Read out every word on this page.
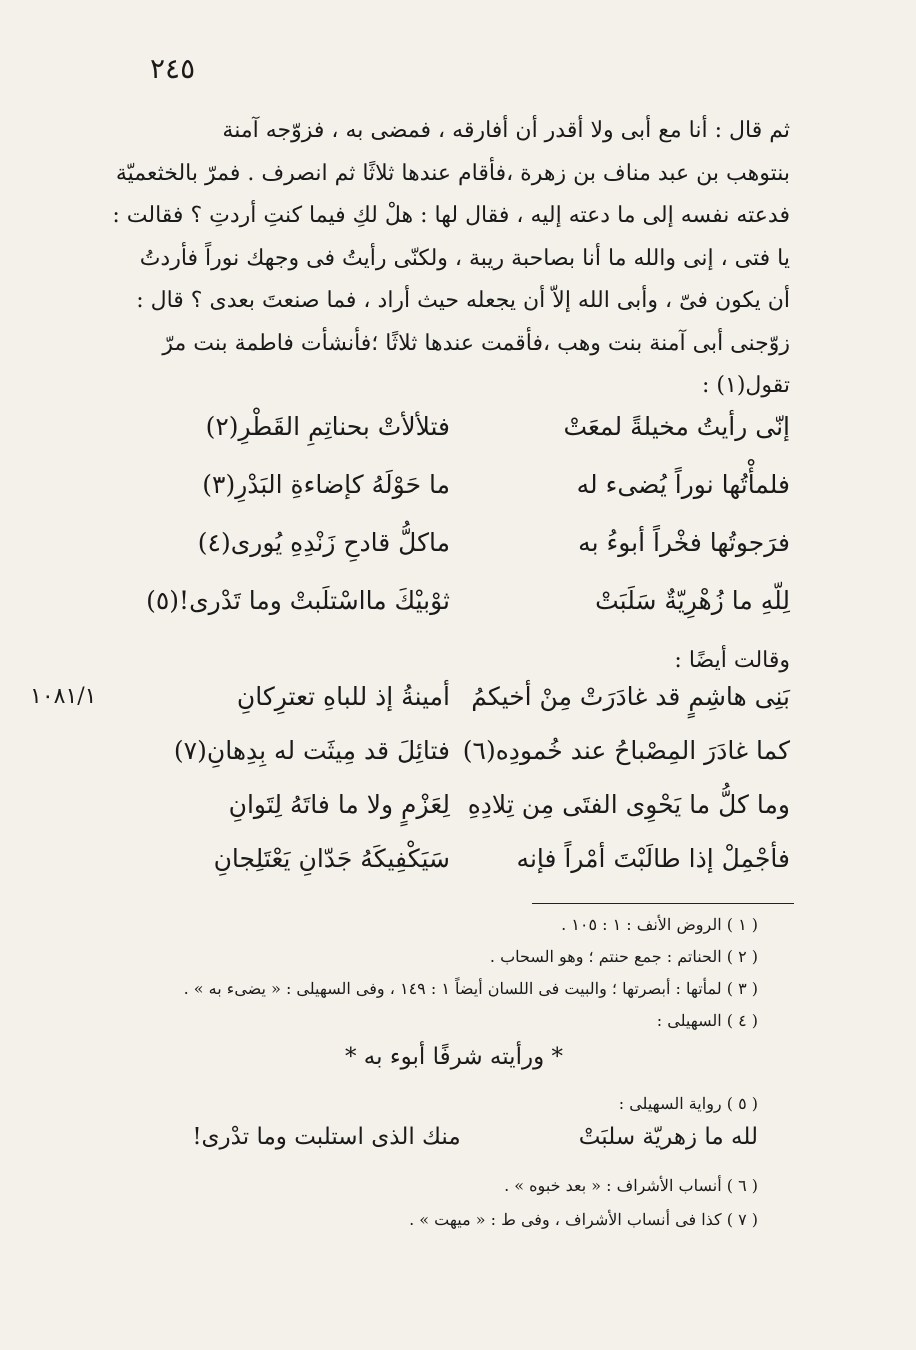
٢٤٥
ثم قال : أنا مع أبى ولا أقدر أن أفارقه ، فمضى به ، فزوّجه آمنة
بنتوهب بن عبد مناف بن زهرة ،فأقام عندها ثلاثًا ثم انصرف . فمرّ بالخثعميّة
فدعته نفسه إلى ما دعته إليه ، فقال لها : هلْ لكِ فيما كنتِ أردتِ ؟ فقالت :
يا فتى ، إنى والله ما أنا بصاحبة ريبة ، ولكنّى رأيتُ فى وجهك نوراً فأردتُ
أن يكون فىّ ، وأبى الله إلاّ أن يجعله حيث أراد ، فما صنعتَ بعدى ؟ قال :
زوّجنى أبى آمنة بنت وهب ،فأقمت عندها ثلاثًا ؛فأنشأت فاطمة بنت مرّ
تقول(١) :
إنّى رأيتُ مخيلةً لمعَتْ
فتلألأتْ بحناتِمِ القَطْرِ(٢)
فلمأْتُها نوراً يُضىء له
ما حَوْلَهُ كإضاءةِ البَدْرِ(٣)
فرَجوتُها فخْراً أبوءُ به
ماكلُّ قادحِ زَنْدِهِ يُورى(٤)
لِلّهِ ما زُهْرِيّةٌ سَلَبَتْ
ثوْبيْكَ مااسْتلَبتْ وما تَدْرى!(٥)
وقالت أيضًا :
١٠٨١/١	بَنِى هاشِمٍ قد غادَرَتْ مِنْ أخيكمُ
أمينةُ إذ للباهِ تعترِكانِ
كما غادَرَ المِصْباحُ عند خُمودِه(٦)
فتائِلَ قد مِيثَت له بِدِهانِ(٧)
وما كلُّ ما يَحْوِى الفتَى مِن تِلادِهِ
لِعَزْمٍ ولا ما فاتَهُ لِتَوانِ
فأجْمِلْ إذا طالَبْتَ أمْراً فإنه
سَيَكْفِيكَهُ جَدّانِ يَعْتَلِجانِ
( ١ ) الروض الأنف : ١ : ١٠٥ .
( ٢ ) الحناتم : جمع حنتم ؛ وهو السحاب .
( ٣ ) لمأتها : أبصرتها ؛ والبيت فى اللسان أيضاً ١ : ١٤٩ ، وفى السهيلى : « يضىء به » .
( ٤ ) السهيلى :
* ورأيته شرفًا أبوء به *
( ٥ ) رواية السهيلى :
لله ما زهريّة سلبَتْ منك الذى استلبت وما تدْرى!
( ٦ ) أنساب الأشراف : « بعد خبوه » .
( ٧ ) كذا فى أنساب الأشراف ، وفى ط : « ميهت » .
